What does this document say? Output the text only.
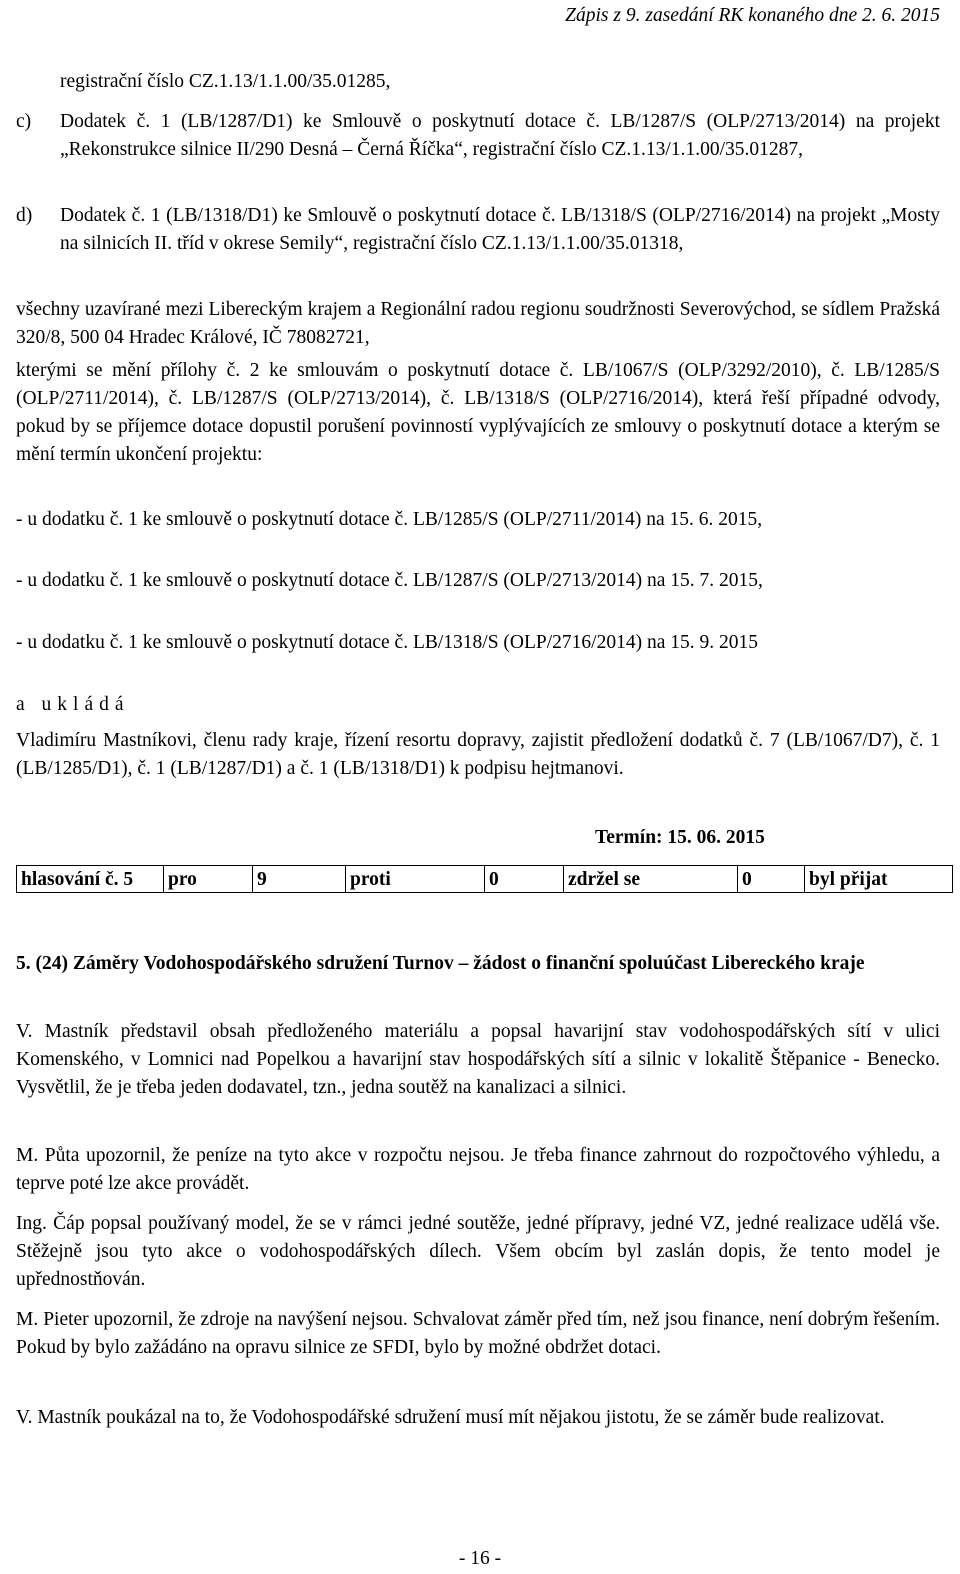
Zápis z 9. zasedání RK konaného dne 2. 6. 2015
registrační číslo CZ.1.13/1.1.00/35.01285,
c) Dodatek č. 1 (LB/1287/D1) ke Smlouvě o poskytnutí dotace č. LB/1287/S (OLP/2713/2014) na projekt „Rekonstrukce silnice II/290 Desná – Černá Říčka“, registrační číslo CZ.1.13/1.1.00/35.01287,

d) Dodatek č. 1 (LB/1318/D1) ke Smlouvě o poskytnutí dotace č. LB/1318/S (OLP/2716/2014) na projekt „Mosty na silnicích II. tříd v okrese Semily“, registrační číslo CZ.1.13/1.1.00/35.01318,

všechny uzavírané mezi Libereckým krajem a Regionální radou regionu soudržnosti Severovýchod, se sídlem Pražská 320/8, 500 04 Hradec Králové, IČ 78082721,

kterými se mění přílohy č. 2 ke smlouvám o poskytnutí dotace č. LB/1067/S (OLP/3292/2010), č. LB/1285/S (OLP/2711/2014), č. LB/1287/S (OLP/2713/2014), č. LB/1318/S (OLP/2716/2014), která řeší případné odvody, pokud by se příjemce dotace dopustil porušení povinností vyplývajících ze smlouvy o poskytnutí dotace a kterým se mění termín ukončení projektu:

- u dodatku č. 1 ke smlouvě o poskytnutí dotace č. LB/1285/S (OLP/2711/2014) na 15. 6. 2015,

- u dodatku č. 1 ke smlouvě o poskytnutí dotace č. LB/1287/S (OLP/2713/2014) na 15. 7. 2015,

- u dodatku č. 1 ke smlouvě o poskytnutí dotace č. LB/1318/S (OLP/2716/2014) na 15. 9. 2015

a ukládá

Vladimíru Mastníkovi, členu rady kraje, řízení resortu dopravy, zajistit předložení dodatků č. 7 (LB/1067/D7), č. 1 (LB/1285/D1), č. 1 (LB/1287/D1) a č. 1 (LB/1318/D1) k podpisu hejtmanovi.

Termín: 15. 06. 2015
hlasování č. 5	pro	9	proti	0	zdržel se	0	byl přijat

5. (24) Záměry Vodohospodářského sdružení Turnov – žádost o finanční spoluúčast Libereckého kraje

V. Mastník představil obsah předloženého materiálu a popsal havarijní stav vodohospodářských sítí v ulici Komenského, v Lomnici nad Popelkou a havarijní stav hospodářských sítí a silnic v lokalitě Štěpanice - Benecko. Vysvětlil, že je třeba jeden dodavatel, tzn., jedna soutěž na kanalizaci a silnici.

M. Půta upozornil, že peníze na tyto akce v rozpočtu nejsou. Je třeba finance zahrnout do rozpočtového výhledu, a teprve poté lze akce provádět.

Ing. Čáp popsal používaný model, že se v rámci jedné soutěže, jedné přípravy, jedné VZ, jedné realizace udělá vše. Stěžejně jsou tyto akce o vodohospodářských dílech. Všem obcím byl zaslán dopis, že tento model je upřednostňován.

M. Pieter upozornil, že zdroje na navýšení nejsou. Schvalovat záměr před tím, než jsou finance, není dobrým řešením. Pokud by bylo zažádáno na opravu silnice ze SFDI, bylo by možné obdržet dotaci.

V. Mastník poukázal na to, že Vodohospodářské sdružení musí mít nějakou jistotu, že se záměr bude realizovat.

- 16 -
